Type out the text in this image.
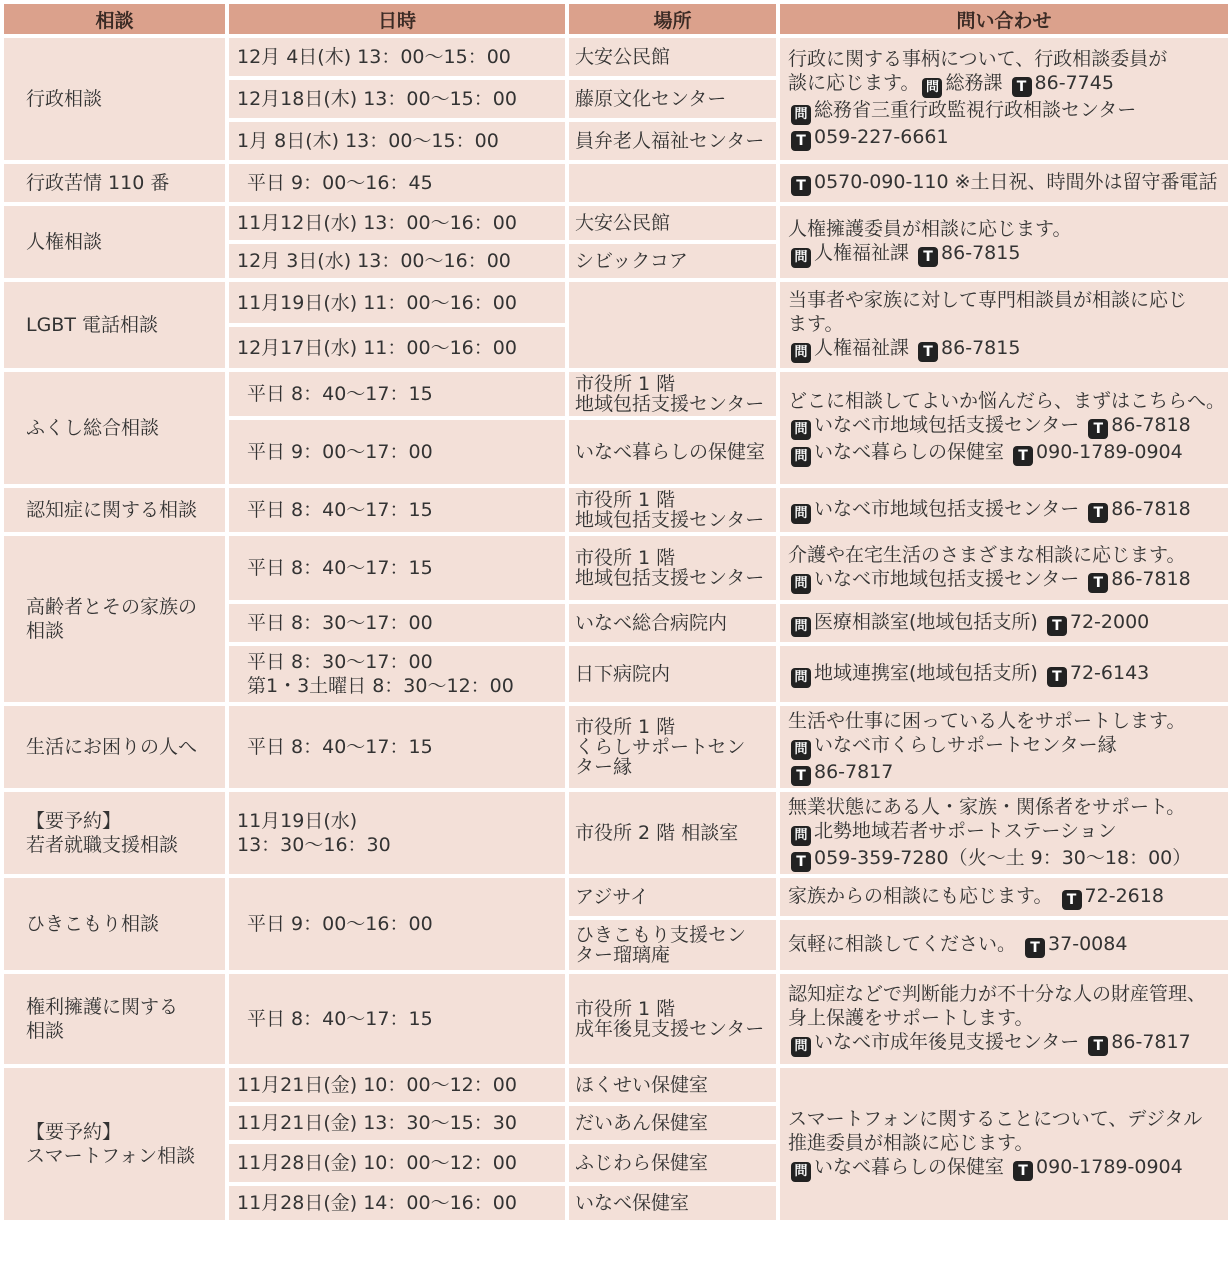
相談	日時	場所	問い合わせ

行政相談	12月 4日(木) 13：00～15：00	大安公民館	行政に関する事柄について、行政相談委員が
談に応じます。 問 総務課 T 86-7745
問 総務省三重行政監視行政相談センター
T 059-227-6661

	12月18日(木) 13：00～15：00	藤原文化センター	

	1月 8日(木) 13：00～15：00	員弁老人福祉センター	

行政苦情 110 番	平日 9：00～16：45		T 0570-090-110 ※土日祝、時間外は留守番電話

人権相談	11月12日(水) 13：00～16：00	大安公民館	人権擁護委員が相談に応じます。
問 人権福祉課 T 86-7815

	12月 3日(水) 13：00～16：00	シビックコア	

LGBT 電話相談	11月19日(水) 11：00～16：00		当事者や家族に対して専門相談員が相談に応じ
ます。
問 人権福祉課 T 86-7815

	12月17日(水) 11：00～16：00		

ふくし総合相談	平日 8：40～17：15	市役所 1 階
地域包括支援センター	どこに相談してよいか悩んだら、まずはこちらへ。
問 いなべ市地域包括支援センター T 86-7818
問 いなべ暮らしの保健室 T 090-1789-0904

	平日 9：00～17：00	いなべ暮らしの保健室	

認知症に関する相談	平日 8：40～17：15	市役所 1 階
地域包括支援センター	問 いなべ市地域包括支援センター T 86-7818

高齢者とその家族の
相談	平日 8：40～17：15	市役所 1 階
地域包括支援センター	介護や在宅生活のさまざまな相談に応じます。
問 いなべ市地域包括支援センター T 86-7818

	平日 8：30～17：00	いなべ総合病院内	問 医療相談室(地域包括支所) T 72-2000

	平日 8：30～17：00
第1・3土曜日 8：30～12：00	日下病院内	問 地域連携室(地域包括支所) T 72-6143

生活にお困りの人へ	平日 8：40～17：15	市役所 1 階
くらしサポートセン
ター縁	生活や仕事に困っている人をサポートします。
問 いなべ市くらしサポートセンター縁
T 86-7817

【要予約】
若者就職支援相談	11月19日(水)
13：30～16：30	市役所 2 階 相談室	無業状態にある人・家族・関係者をサポート。
問 北勢地域若者サポートステーション
T 059-359-7280（火～土 9：30～18：00）

ひきこもり相談	平日 9：00～16：00	アジサイ	家族からの相談にも応じます。 T 72-2618

		ひきこもり支援セン
ター瑠璃庵	気軽に相談してください。 T 37-0084

権利擁護に関する
相談	平日 8：40～17：15	市役所 1 階
成年後見支援センター	認知症などで判断能力が不十分な人の財産管理、
身上保護をサポートします。
問 いなべ市成年後見支援センター T 86-7817

【要予約】
スマートフォン相談	11月21日(金) 10：00～12：00	ほくせい保健室	スマートフォンに関することについて、デジタル
推進委員が相談に応じます。
問 いなべ暮らしの保健室 T 090-1789-0904

	11月21日(金) 13：30～15：30	だいあん保健室	

	11月28日(金) 10：00～12：00	ふじわら保健室	

	11月28日(金) 14：00～16：00	いなべ保健室	
